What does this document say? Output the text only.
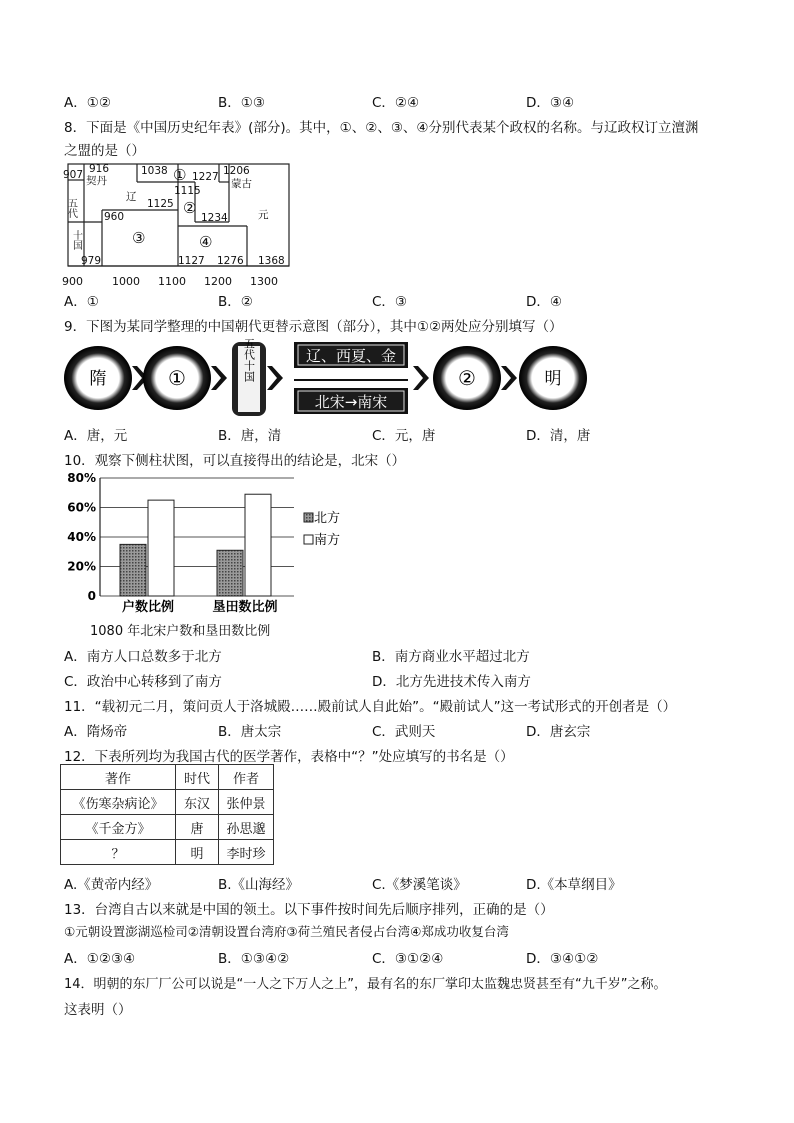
A．①②	B．①③	C．②④	D．③④
8．下面是《中国历史纪年表》(部分)。其中，①、②、③、④分别代表某个政权的名称。与辽政权订立澶渊
之盟的是（）
907 916
契丹
1038 ① 1227 1206
蒙古
辽	1115
1125 ②
1234	元
五代	960
③	④
十国
979	1127 1276 1368
900	1000 1100 1200 1300
A．①	B．②	C．③	D．④
9．下图为某同学整理的中国朝代更替示意图（部分），其中①②两处应分别填写（）
隋	①	五代十国	辽、西夏、金
北宋→南宋
②	明
A．唐，元	B．唐，清	C．元，唐	D．清，唐
10．观察下侧柱状图，可以直接得出的结论是，北宋（）
0
20%
40%
60%
80%
户数比例	垦田数比例
北方
南方
1080 年北宋户数和垦田数比例
A．南方人口总数多于北方	B．南方商业水平超过北方
C．政治中心转移到了南方	D．北方先进技术传入南方
11．“载初元二月，策问贡人于洛城殿……殿前试人自此始”。“殿前试人”这一考试形式的开创者是（）
A．隋炀帝	B．唐太宗	C．武则天	D．唐玄宗
12．下表所列均为我国古代的医学著作，表格中“？”处应填写的书名是（）
著作	时代	作者
《伤寒杂病论》	东汉	张仲景
《千金方》	唐	孙思邈
？	明	李时珍
A.《黄帝内经》	B.《山海经》	C.《梦溪笔谈》	D.《本草纲目》
13．台湾自古以来就是中国的领土。以下事件按时间先后顺序排列，正确的是（）
①元朝设置澎湖巡检司②清朝设置台湾府③荷兰殖民者侵占台湾④郑成功收复台湾
A．①②③④	B．①③④②	C．③①②④	D．③④①②
14．明朝的东厂厂公可以说是“一人之下万人之上”，最有名的东厂掌印太监魏忠贤甚至有“九千岁”之称。
这表明（）
